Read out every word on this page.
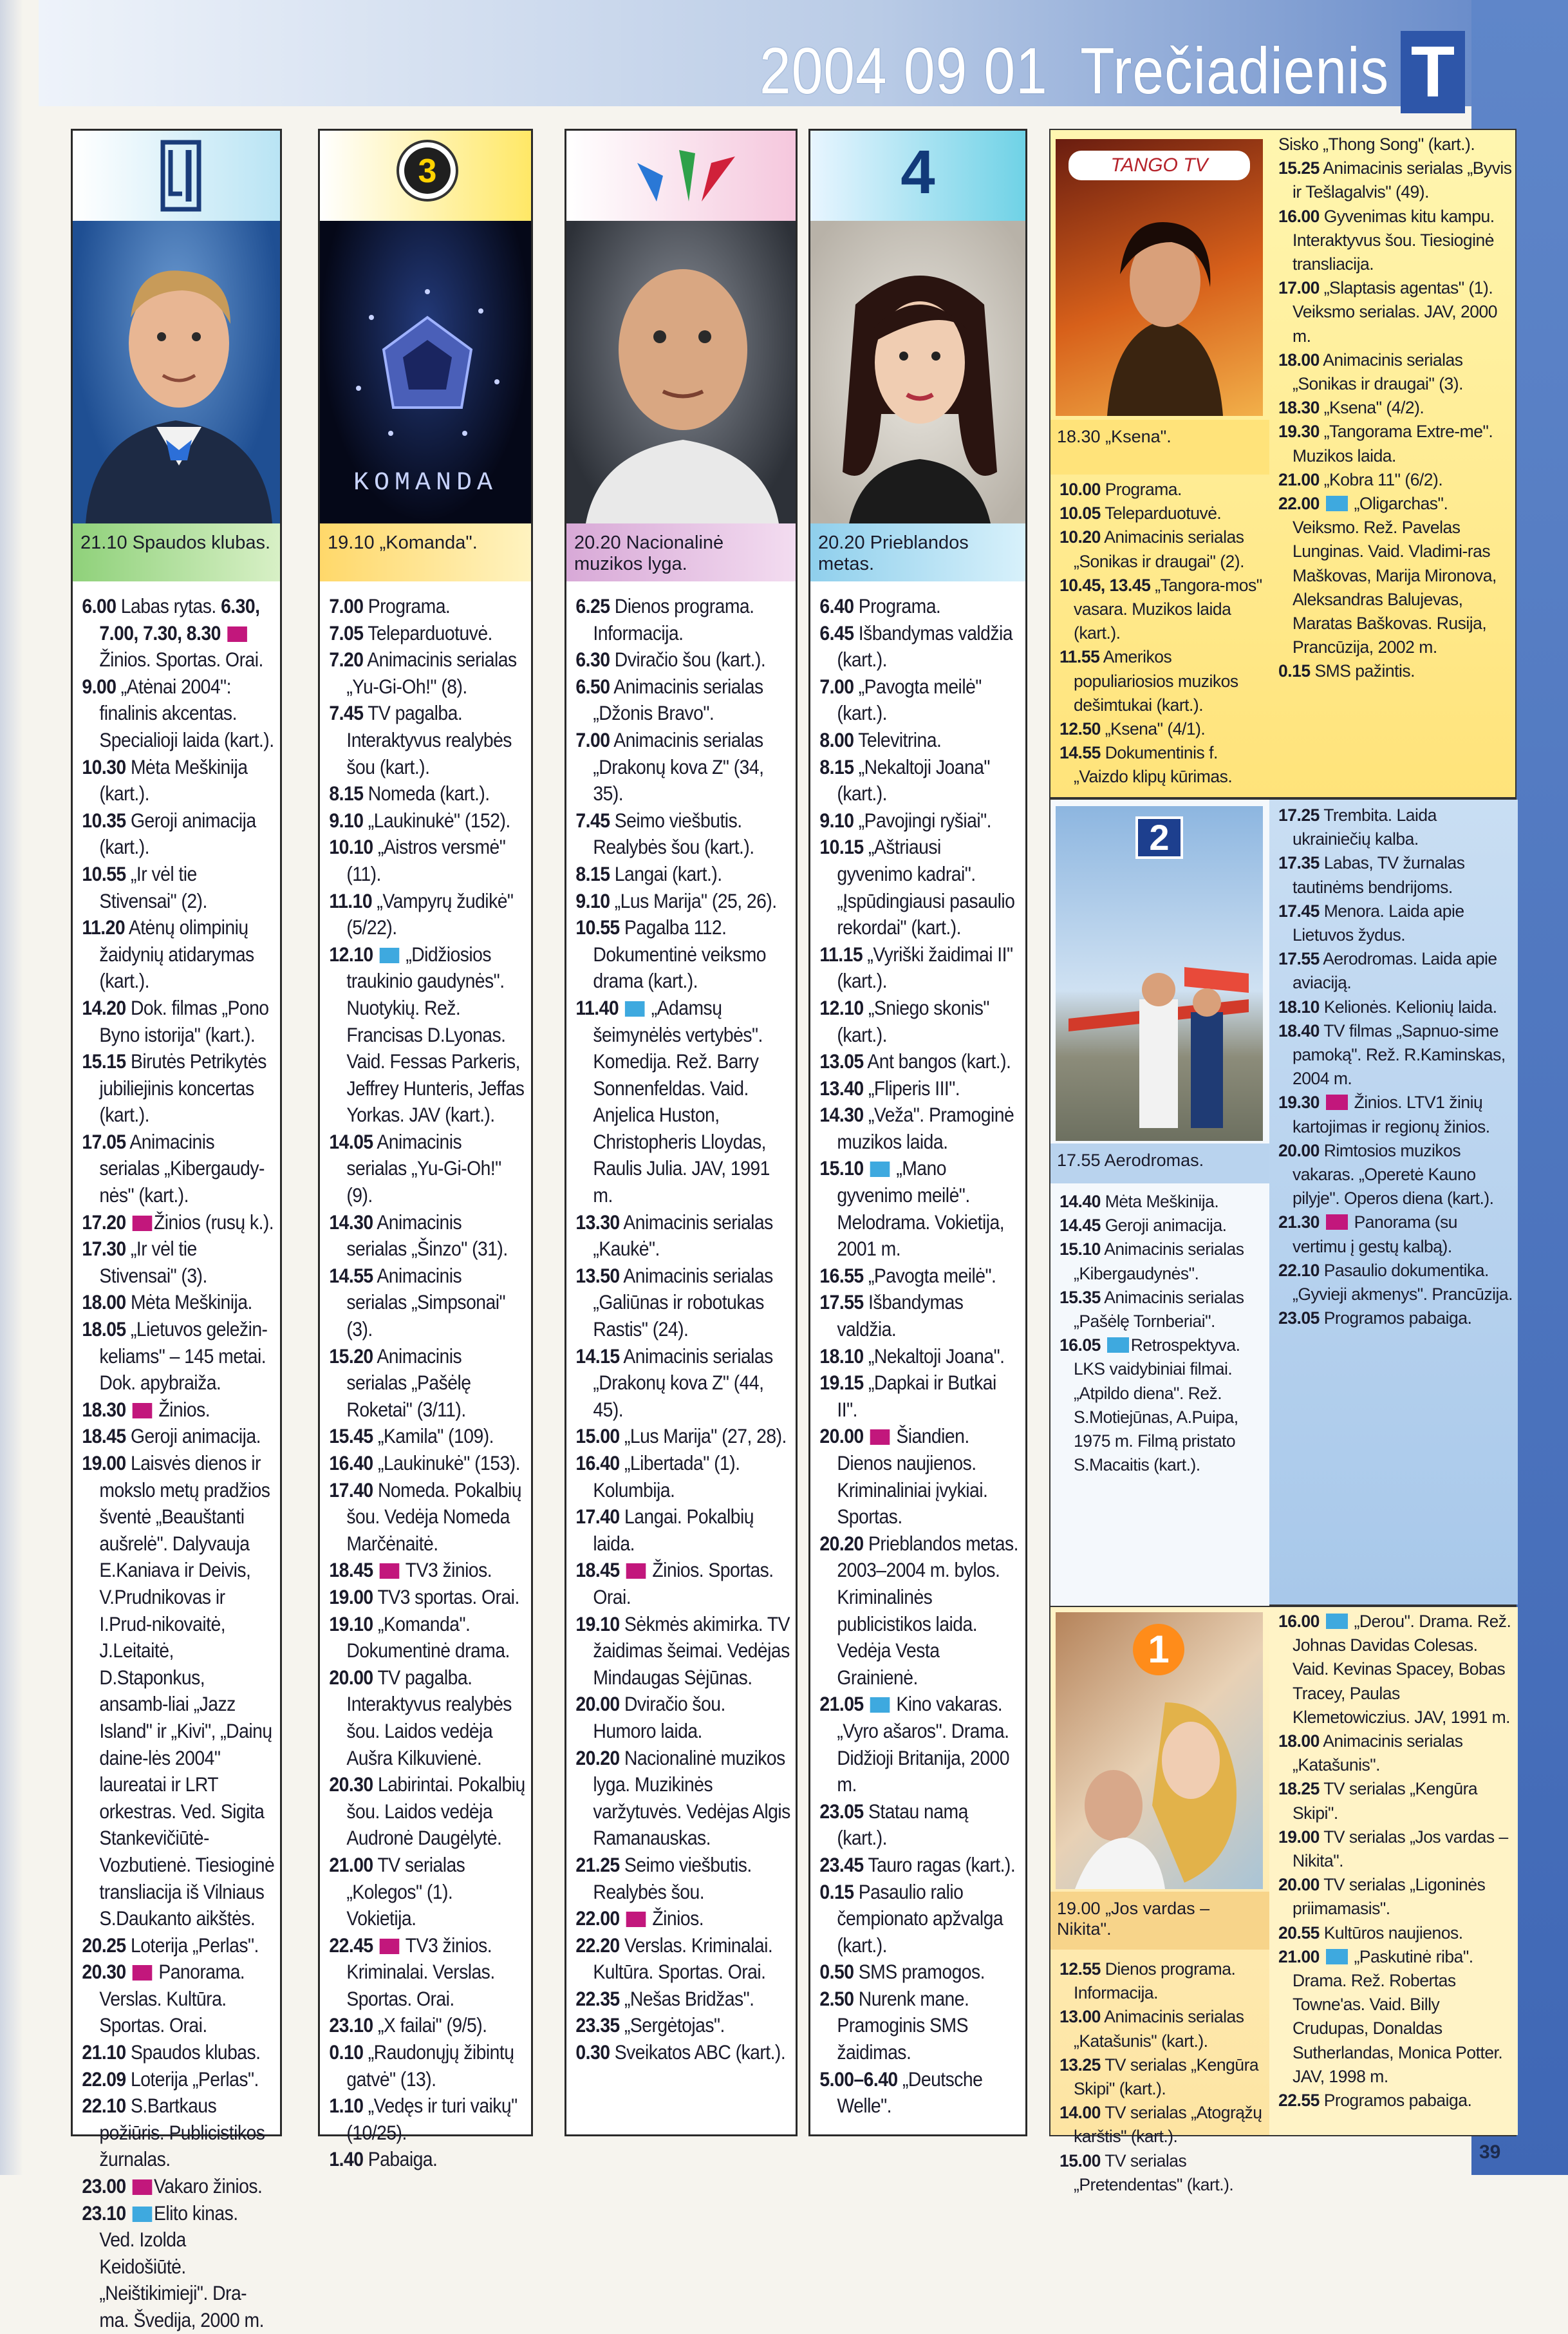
2004 09 01 Trečiadienis T
21.10 Spaudos klubas.
6.00 Labas rytas. 6.30, 7.00, 7.30, 8.30  Žinios. Sportas. Orai.
9.00 „Atėnai 2004": finalinis akcentas. Specialioji laida (kart.).
10.30 Mėta Meškinija (kart.).
10.35 Geroji animacija (kart.).
10.55 „Ir vėl tie Stivensai" (2).
11.20 Atėnų olimpinių žaidynių atidarymas (kart.).
14.20 Dok. filmas „Pono Byno istorija" (kart.).
15.15 Birutės Petrikytės jubiliejinis koncertas (kart.).
17.05 Animacinis serialas „Kibergaudy-nės" (kart.).
17.20 Žinios (rusų k.).
17.30 „Ir vėl tie Stivensai" (3).
18.00 Mėta Meškinija.
18.05 „Lietuvos geležin-keliams" – 145 metai. Dok. apybraiža.
18.30  Žinios.
18.45 Geroji animacija.
19.00 Laisvės dienos ir mokslo metų pradžios šventė „Beauštanti aušrelė". Dalyvauja E.Kaniava ir Deivis, V.Prudnikovas ir I.Prud-nikovaitė, J.Leitaitė, D.Staponkus, ansamb-liai „Jazz Island" ir „Kivi", „Dainų daine-lės 2004" laureatai ir LRT orkestras. Ved. Sigita Stankevičiūtė-Vozbutienė. Tiesioginė transliacija iš Vilniaus S.Daukanto aikštės.
20.25 Loterija „Perlas".
20.30  Panorama. Verslas. Kultūra. Sportas. Orai.
21.10 Spaudos klubas.
22.09 Loterija „Perlas".
22.10 S.Bartkaus požiūris. Publicistikos žurnalas.
23.00 Vakaro žinios.
23.10 Elito kinas. Ved. Izolda Keidošiūtė. „Neištikimieji". Dra-ma. Švedija, 2000 m.
3
KOMANDA
19.10 „Komanda".
7.00 Programa.
7.05 Teleparduotuvė.
7.20 Animacinis serialas „Yu-Gi-Oh!" (8).
7.45 TV pagalba. Interaktyvus realybės šou (kart.).
8.15 Nomeda (kart.).
9.10 „Laukinukė" (152).
10.10 „Aistros versmė" (11).
11.10 „Vampyrų žudikė" (5/22).
12.10  „Didžiosios traukinio gaudynės". Nuotykių. Rež. Francisas D.Lyonas. Vaid. Fessas Parkeris, Jeffrey Hunteris, Jeffas Yorkas. JAV (kart.).
14.05 Animacinis serialas „Yu-Gi-Oh!" (9).
14.30 Animacinis serialas „Šinzo" (31).
14.55 Animacinis serialas „Simpsonai" (3).
15.20 Animacinis serialas „Pašėlę Roketai" (3/11).
15.45 „Kamila" (109).
16.40 „Laukinukė" (153).
17.40 Nomeda. Pokalbių šou. Vedėja Nomeda Marčėnaitė.
18.45  TV3 žinios.
19.00 TV3 sportas. Orai.
19.10 „Komanda". Dokumentinė drama.
20.00 TV pagalba. Interaktyvus realybės šou. Laidos vedėja Aušra Kilkuvienė.
20.30 Labirintai. Pokalbių šou. Laidos vedėja Audronė Daugėlytė.
21.00 TV serialas „Kolegos" (1). Vokietija.
22.45  TV3 žinios. Kriminalai. Verslas. Sportas. Orai.
23.10 „X failai" (9/5).
0.10 „Raudonųjų žibintų gatvė" (13).
1.10 „Vedęs ir turi vaikų" (10/25).
1.40 Pabaiga.
20.20 Nacionalinė muzikos lyga.
6.25 Dienos programa. Informacija.
6.30 Dviračio šou (kart.).
6.50 Animacinis serialas „Džonis Bravo".
7.00 Animacinis serialas „Drakonų kova Z" (34, 35).
7.45 Seimo viešbutis. Realybės šou (kart.).
8.15 Langai (kart.).
9.10 „Lus Marija" (25, 26).
10.55 Pagalba 112. Dokumentinė veiksmo drama (kart.).
11.40  „Adamsų šeimynėlės vertybės". Komedija. Rež. Barry Sonnenfeldas. Vaid. Anjelica Huston, Christopheris Lloydas, Raulis Julia. JAV, 1991 m.
13.30 Animacinis serialas „Kaukė".
13.50 Animacinis serialas „Galiūnas ir robotukas Rastis" (24).
14.15 Animacinis serialas „Drakonų kova Z" (44, 45).
15.00 „Lus Marija" (27, 28).
16.40 „Libertada" (1). Kolumbija.
17.40 Langai. Pokalbių laida.
18.45  Žinios. Sportas. Orai.
19.10 Sėkmės akimirka. TV žaidimas šeimai. Vedėjas Mindaugas Sėjūnas.
20.00 Dviračio šou. Humoro laida.
20.20 Nacionalinė muzikos lyga. Muzikinės varžytuvės. Vedėjas Algis Ramanauskas.
21.25 Seimo viešbutis. Realybės šou.
22.00  Žinios.
22.20 Verslas. Kriminalai. Kultūra. Sportas. Orai.
22.35 „Nešas Bridžas".
23.35 „Sergėtojas".
0.30 Sveikatos ABC (kart.).
4
20.20 Prieblandos metas.
6.40 Programa.
6.45 Išbandymas valdžia (kart.).
7.00 „Pavogta meilė" (kart.).
8.00 Televitrina.
8.15 „Nekaltoji Joana" (kart.).
9.10 „Pavojingi ryšiai".
10.15 „Aštriausi gyvenimo kadrai". „Įspūdingiausi pasaulio rekordai" (kart.).
11.15 „Vyriški žaidimai II" (kart.).
12.10 „Sniego skonis" (kart.).
13.05 Ant bangos (kart.).
13.40 „Fliperis III".
14.30 „Veža". Pramoginė muzikos laida.
15.10  „Mano gyvenimo meilė". Melodrama. Vokietija, 2001 m.
16.55 „Pavogta meilė".
17.55 Išbandymas valdžia.
18.10 „Nekaltoji Joana".
19.15 „Dapkai ir Butkai II".
20.00  Šiandien. Dienos naujienos. Kriminaliniai įvykiai. Sportas.
20.20 Prieblandos metas. 2003–2004 m. bylos. Kriminalinės publicistikos laida. Vedėja Vesta Grainienė.
21.05  Kino vakaras. „Vyro ašaros". Drama. Didžioji Britanija, 2000 m.
23.05 Statau namą (kart.).
23.45 Tauro ragas (kart.).
0.15 Pasaulio ralio čempionato apžvalga (kart.).
0.50 SMS pramogos.
2.50 Nurenk mane. Pramoginis SMS žaidimas.
5.00–6.40 „Deutsche Welle".
TANGO TV
18.30 „Ksena".
10.00 Programa.
10.05 Teleparduotuvė.
10.20 Animacinis serialas „Sonikas ir draugai" (2).
10.45, 13.45 „Tangora-mos" vasara. Muzikos laida (kart.).
11.55 Amerikos populiariosios muzikos dešimtukai (kart.).
12.50 „Ksena" (4/1).
14.55 Dokumentinis f. „Vaizdo klipų kūrimas.
Sisko „Thong Song" (kart.).
15.25 Animacinis serialas „Byvis ir Tešlagalvis" (49).
16.00 Gyvenimas kitu kampu. Interaktyvus šou. Tiesioginė transliacija.
17.00 „Slaptasis agentas" (1). Veiksmo serialas. JAV, 2000 m.
18.00 Animacinis serialas „Sonikas ir draugai" (3).
18.30 „Ksena" (4/2).
19.30 „Tangorama Extre-me". Muzikos laida.
21.00 „Kobra 11" (6/2).
22.00  „Oligarchas". Veiksmo. Rež. Pavelas Lunginas. Vaid. Vladimi-ras Maškovas, Marija Mironova, Aleksandras Balujevas, Maratas Baškovas. Rusija, Prancūzija, 2002 m.
0.15 SMS pažintis.
2
17.55 Aerodromas.
14.40 Mėta Meškinija.
14.45 Geroji animacija.
15.10 Animacinis serialas „Kibergaudynės".
15.35 Animacinis serialas „Pašėlę Tornberiai".
16.05 Retrospektyva. LKS vaidybiniai filmai. „Atpildo diena". Rež. S.Motiejūnas, A.Puipa, 1975 m. Filmą pristato S.Macaitis (kart.).
17.25 Trembita. Laida ukrainiečių kalba.
17.35 Labas, TV žurnalas tautinėms bendrijoms.
17.45 Menora. Laida apie Lietuvos žydus.
17.55 Aerodromas. Laida apie aviaciją.
18.10 Kelionės. Kelionių laida.
18.40 TV filmas „Sapnuo-sime pamoką". Rež. R.Kaminskas, 2004 m.
19.30  Žinios. LTV1 žinių kartojimas ir regionų žinios.
20.00 Rimtosios muzikos vakaras. „Operetė Kauno pilyje". Operos diena (kart.).
21.30  Panorama (su vertimu į gestų kalbą).
22.10 Pasaulio dokumentika. „Gyvieji akmenys". Prancūzija.
23.05 Programos pabaiga.
1
19.00 „Jos vardas – Nikita".
12.55 Dienos programa. Informacija.
13.00 Animacinis serialas „Katašunis" (kart.).
13.25 TV serialas „Kengūra Skipi" (kart.).
14.00 TV serialas „Atogrąžų karštis" (kart.).
15.00 TV serialas „Pretendentas" (kart.).
16.00  „Derou". Drama. Rež. Johnas Davidas Colesas. Vaid. Kevinas Spacey, Bobas Tracey, Paulas Klemetowiczius. JAV, 1991 m.
18.00 Animacinis serialas „Katašunis".
18.25 TV serialas „Kengūra Skipi".
19.00 TV serialas „Jos vardas – Nikita".
20.00 TV serialas „Ligoninės priimamasis".
20.55 Kultūros naujienos.
21.00  „Paskutinė riba". Drama. Rež. Robertas Towne'as. Vaid. Billy Crudupas, Donaldas Sutherlandas, Monica Potter. JAV, 1998 m.
22.55 Programos pabaiga.
39
